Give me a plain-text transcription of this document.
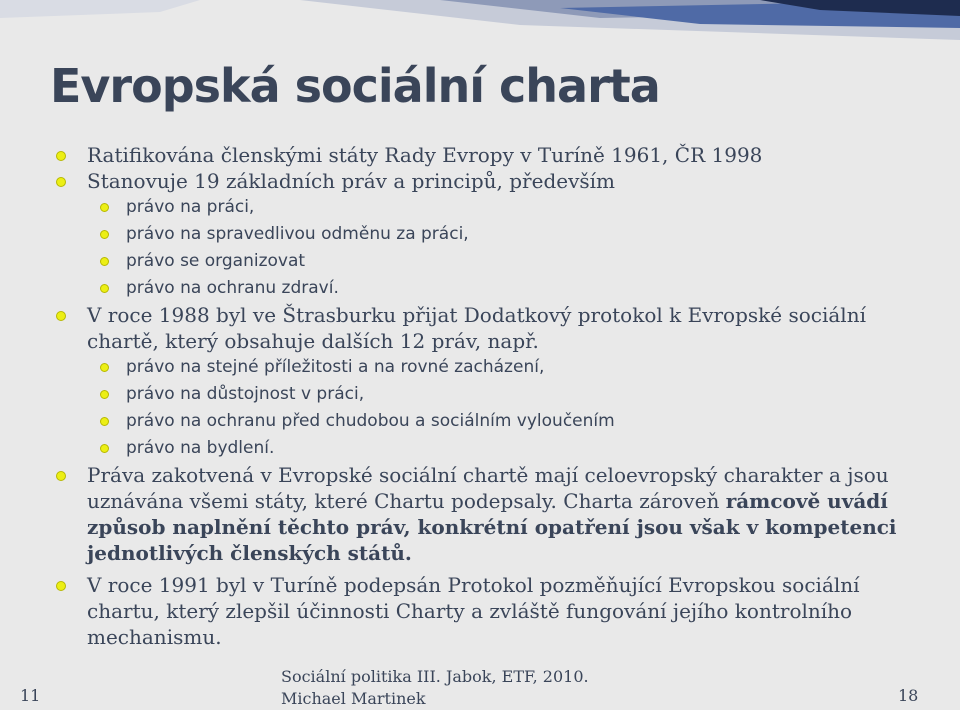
Evropská sociální charta

Ratifikována členskými státy Rady Evropy v Turíně 1961, ČR 1998

Stanovuje 19 základních práv a principů, především

právo na práci,

právo na spravedlivou odměnu za práci,

právo se organizovat

právo na ochranu zdraví.

V roce 1988 byl ve Štrasburku přijat Dodatkový protokol k Evropské sociální chartě, který obsahuje dalších 12 práv, např.

právo na stejné příležitosti a na rovné zacházení,

právo na důstojnost v práci,

právo na ochranu před chudobou a sociálním vyloučením

právo na bydlení.

Práva zakotvená v Evropské sociální chartě mají celoevropský charakter a jsou uznávána všemi státy, které Chartu podepsaly. Charta zároveň rámcově uvádí způsob naplnění těchto práv, konkrétní opatření jsou však v kompetenci jednotlivých členských států.

V roce 1991 byl v Turíně podepsán Protokol pozměňující Evropskou sociální chartu, který zlepšil účinnosti Charty a zvláště fungování jejího kontrolního mechanismu.

11
Sociální politika III. Jabok, ETF, 2010.
Michael Martinek	18
